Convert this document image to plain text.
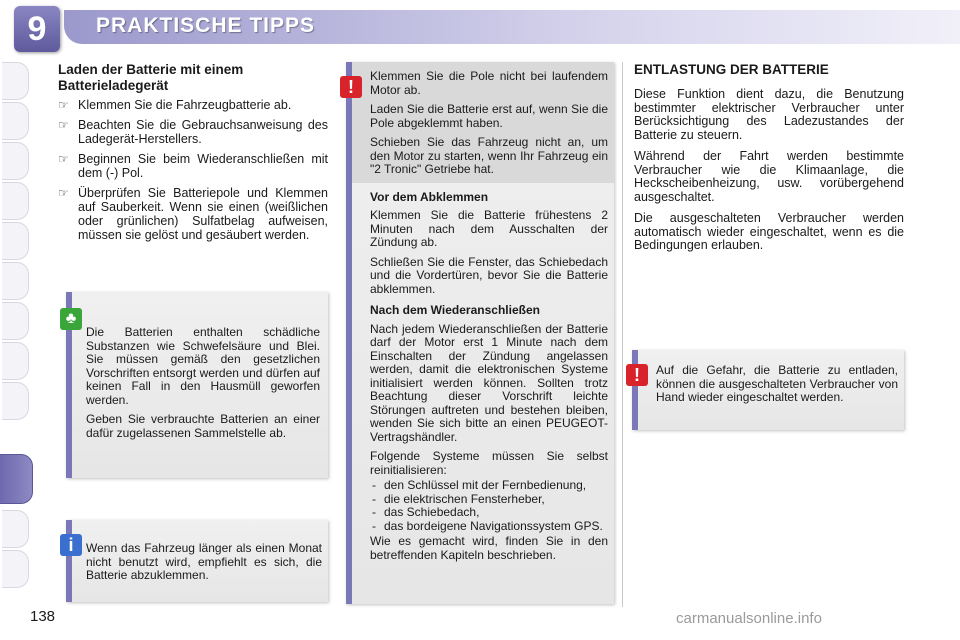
9	PRAKTISCHE TIPPS
Laden der Batterie mit einem Batterieladegerät
☞ Klemmen Sie die Fahrzeugbatterie ab.
☞ Beachten Sie die Gebrauchsanweisung des Ladegerät-Herstellers.
☞ Beginnen Sie beim Wiederanschließen mit dem (-) Pol.
☞ Überprüfen Sie Batteriepole und Klemmen auf Sauberkeit. Wenn sie einen (weißlichen oder grünlichen) Sulfatbelag aufweisen, müssen sie gelöst und gesäubert werden.
♣

Die Batterien enthalten schädliche Substanzen wie Schwefelsäure und Blei. Sie müssen gemäß den gesetzlichen Vorschriften entsorgt werden und dürfen auf keinen Fall in den Hausmüll geworfen werden.

Geben Sie verbrauchte Batterien an einer dafür zugelassenen Sammelstelle ab.

i	Wenn das Fahrzeug länger als einen Monat nicht benutzt wird, empfiehlt es sich, die Batterie abzuklemmen.

!

Klemmen Sie die Pole nicht bei laufendem Motor ab.

Laden Sie die Batterie erst auf, wenn Sie die Pole abgeklemmt haben.

Schieben Sie das Fahrzeug nicht an, um den Motor zu starten, wenn Ihr Fahrzeug ein "2 Tronic" Getriebe hat.

Vor dem Abklemmen

Klemmen Sie die Batterie frühestens 2 Minuten nach dem Ausschalten der Zündung ab.

Schließen Sie die Fenster, das Schiebedach und die Vordertüren, bevor Sie die Batterie abklemmen.

Nach dem Wiederanschließen

Nach jedem Wiederanschließen der Batterie darf der Motor erst 1 Minute nach dem Einschalten der Zündung angelassen werden, damit die elektronischen Systeme initialisiert werden können. Sollten trotz Beachtung dieser Vorschrift leichte Störungen auftreten und bestehen bleiben, wenden Sie sich bitte an einen PEUGEOT-Vertragshändler.

Folgende Systeme müssen Sie selbst reinitialisieren:

- den Schlüssel mit der Fernbedienung,
- die elektrischen Fensterheber,
- das Schiebedach,
- das bordeigene Navigationssystem GPS.

Wie es gemacht wird, finden Sie in den betreffenden Kapiteln beschrieben.

ENTLASTUNG DER BATTERIE

Diese Funktion dient dazu, die Benutzung bestimmter elektrischer Verbraucher unter Berücksichtigung des Ladezustandes der Batterie zu steuern.

Während der Fahrt werden bestimmte Verbraucher wie die Klimaanlage, die Heckscheibenheizung, usw. vorübergehend ausgeschaltet.

Die ausgeschalteten Verbraucher werden automatisch wieder eingeschaltet, wenn es die Bedingungen erlauben.

!	Auf die Gefahr, die Batterie zu entladen, können die ausgeschalteten Verbraucher von Hand wieder eingeschaltet werden.

138	carmanualsonline.info
